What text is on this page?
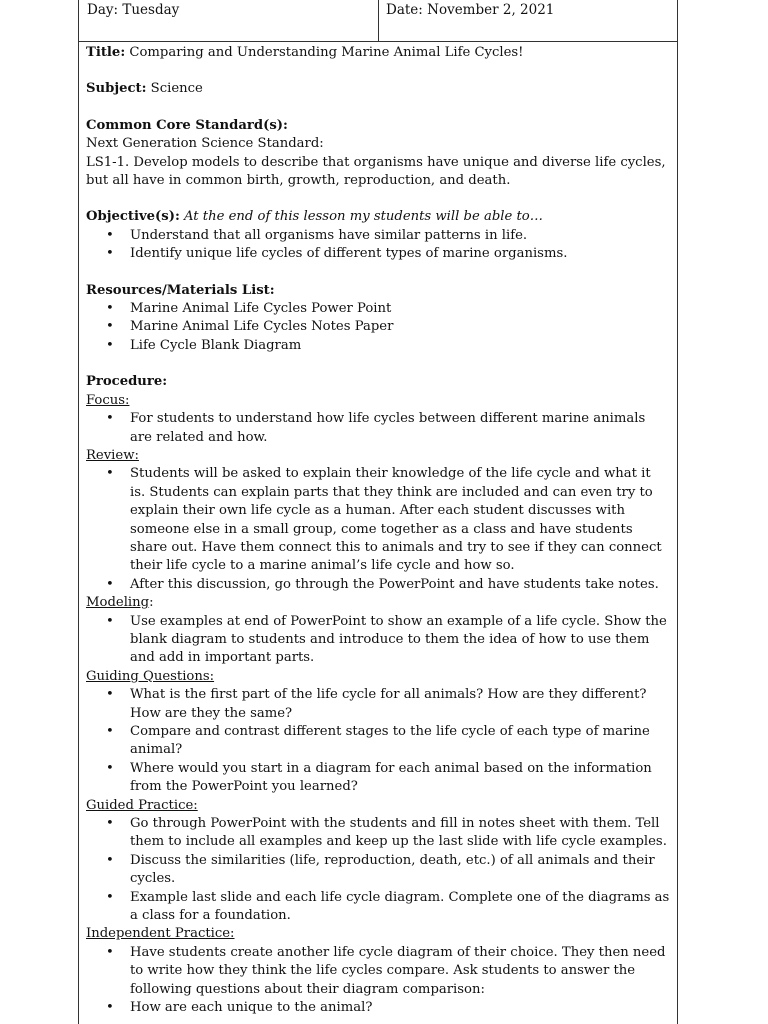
Day: Tuesday	Date: November 2, 2021
Title: Comparing and Understanding Marine Animal Life Cycles!
Subject: Science
Common Core Standard(s):
Next Generation Science Standard:
LS1-1. Develop models to describe that organisms have unique and diverse life cycles, but all have in common birth, growth, reproduction, and death.
Objective(s): At the end of this lesson my students will be able to…
• Understand that all organisms have similar patterns in life.
• Identify unique life cycles of different types of marine organisms.
Resources/Materials List:
• Marine Animal Life Cycles Power Point
• Marine Animal Life Cycles Notes Paper
• Life Cycle Blank Diagram
Procedure:
Focus:
• For students to understand how life cycles between different marine animals are related and how.
Review:
• Students will be asked to explain their knowledge of the life cycle and what it is. Students can explain parts that they think are included and can even try to explain their own life cycle as a human. After each student discusses with someone else in a small group, come together as a class and have students share out. Have them connect this to animals and try to see if they can connect their life cycle to a marine animal’s life cycle and how so.
• After this discussion, go through the PowerPoint and have students take notes.
Modeling:
• Use examples at end of PowerPoint to show an example of a life cycle. Show the blank diagram to students and introduce to them the idea of how to use them and add in important parts.
Guiding Questions:
• What is the first part of the life cycle for all animals? How are they different? How are they the same?
• Compare and contrast different stages to the life cycle of each type of marine animal?
• Where would you start in a diagram for each animal based on the information from the PowerPoint you learned?
Guided Practice:
• Go through PowerPoint with the students and fill in notes sheet with them. Tell them to include all examples and keep up the last slide with life cycle examples.
• Discuss the similarities (life, reproduction, death, etc.) of all animals and their cycles.
• Example last slide and each life cycle diagram. Complete one of the diagrams as a class for a foundation.
Independent Practice:
• Have students create another life cycle diagram of their choice. They then need to write how they think the life cycles compare. Ask students to answer the following questions about their diagram comparison:
• How are each unique to the animal?
